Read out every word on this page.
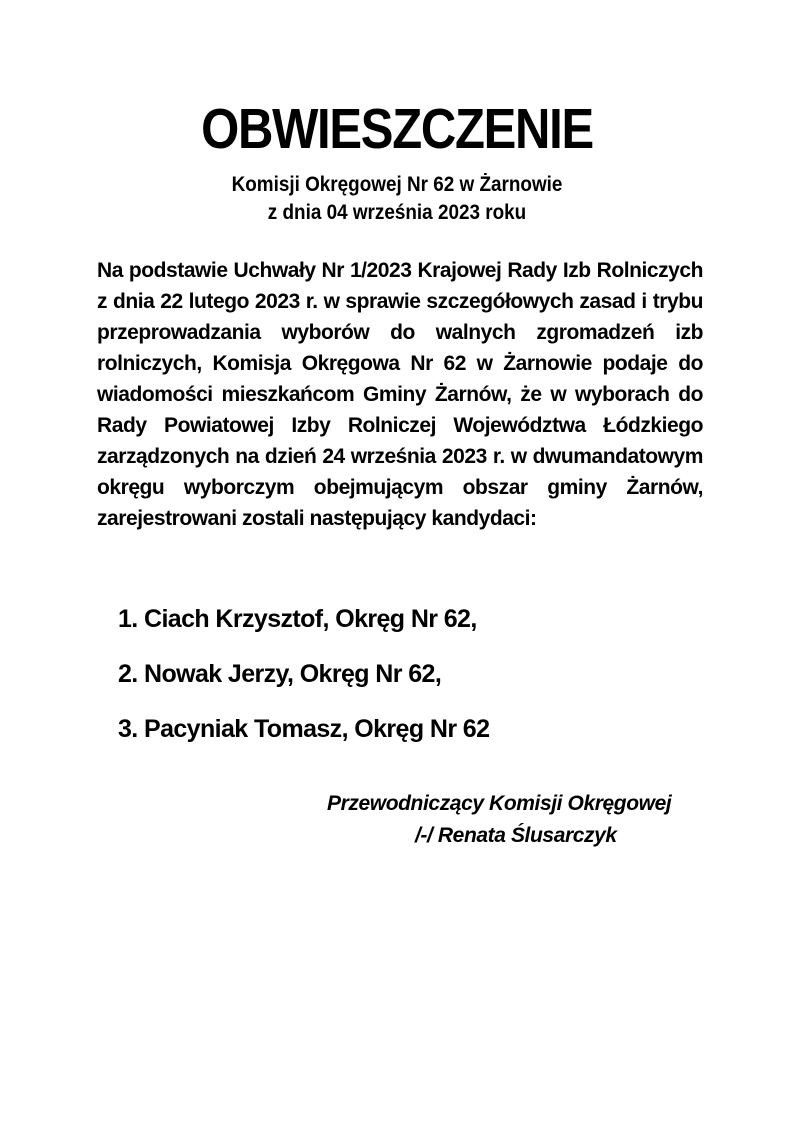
OBWIESZCZENIE
Komisji Okręgowej Nr 62 w Żarnowie
z dnia 04 września 2023 roku
Na podstawie Uchwały Nr 1/2023 Krajowej Rady Izb Rolniczych z dnia 22 lutego 2023 r. w sprawie szczegółowych zasad i trybu przeprowadzania wyborów do walnych zgromadzeń izb rolniczych, Komisja Okręgowa Nr 62 w Żarnowie podaje do wiadomości mieszkańcom Gminy Żarnów, że w wyborach do Rady Powiatowej Izby Rolniczej Województwa Łódzkiego zarządzonych na dzień 24 września 2023 r. w dwumandatowym okręgu wyborczym obejmującym obszar gminy Żarnów, zarejestrowani zostali następujący kandydaci:
1. Ciach Krzysztof, Okręg Nr 62,
2. Nowak Jerzy, Okręg Nr 62,
3. Pacyniak Tomasz, Okręg Nr 62
Przewodniczący Komisji Okręgowej
/-/ Renata Ślusarczyk
